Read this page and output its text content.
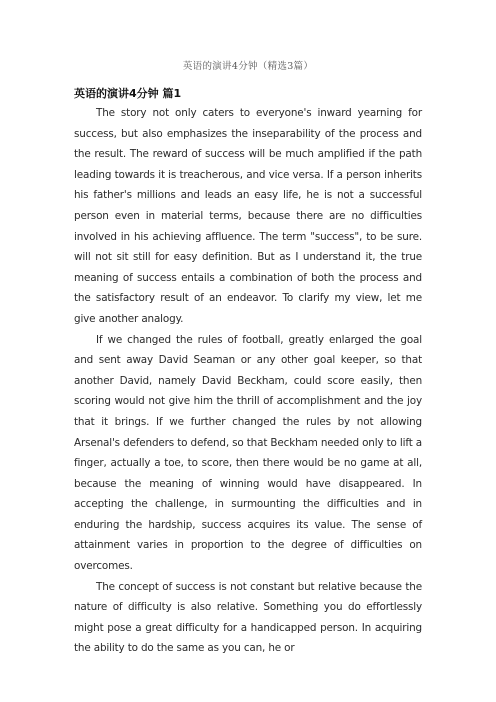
英语的演讲4分钟（精选3篇）
英语的演讲4分钟 篇1

The story not only caters to everyone's inward yearning for success, but also emphasizes the inseparability of the process and the result. The reward of success will be much amplified if the path leading towards it is treacherous, and vice versa. If a person inherits his father's millions and leads an easy life, he is not a successful person even in material terms, because there are no difficulties involved in his achieving affluence. The term "success", to be sure. will not sit still for easy definition. But as I understand it, the true meaning of success entails a combination of both the process and the satisfactory result of an endeavor. To clarify my view, let me give another analogy.

If we changed the rules of football, greatly enlarged the goal and sent away David Seaman or any other goal keeper, so that another David, namely David Beckham, could score easily, then scoring would not give him the thrill of accomplishment and the joy that it brings. If we further changed the rules by not allowing Arsenal's defenders to defend, so that Beckham needed only to lift a finger, actually a toe, to score, then there would be no game at all, because the meaning of winning would have disappeared. In accepting the challenge, in surmounting the difficulties and in enduring the hardship, success acquires its value. The sense of attainment varies in proportion to the degree of difficulties on overcomes.

The concept of success is not constant but relative because the nature of difficulty is also relative. Something you do effortlessly might pose a great difficulty for a handicapped person. In acquiring the ability to do the same as you can, he or
